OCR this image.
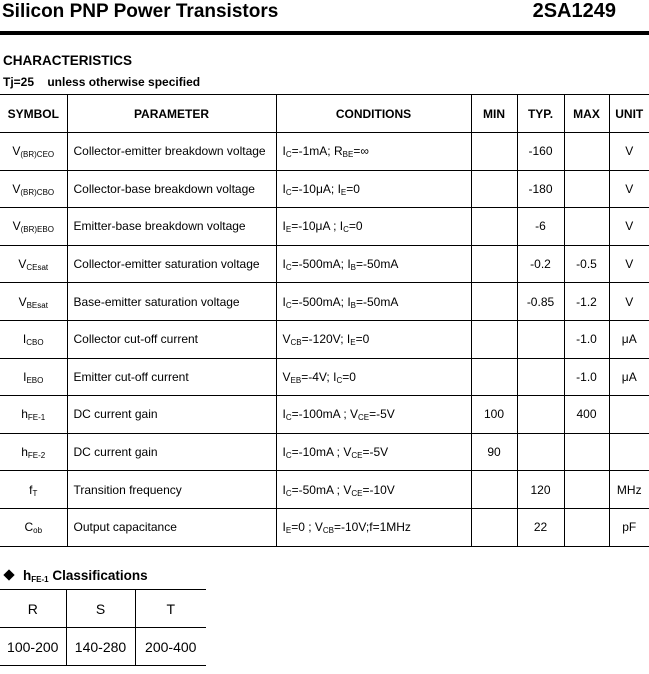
Silicon PNP Power Transistors	2SA1249
CHARACTERISTICS
Tj=25    unless otherwise specified
SYMBOL	PARAMETER	CONDITIONS	MIN	TYP.	MAX	UNIT
$V_{(BR)CEO}$	Collector-emitter breakdown voltage	$I_C=-1mA$; $R_{BE}=\infty$		-160		V
$V_{(BR)CBO}$	Collector-base breakdown voltage	$I_C=-10\mu A$; $I_E=0$		-180		V
$V_{(BR)EBO}$	Emitter-base breakdown voltage	$I_E=-10\mu A$ ; $I_C=0$		-6		V
$V_{CEsat}$	Collector-emitter saturation voltage	$I_C=-500mA$; $I_B=-50mA$		-0.2	-0.5	V
$V_{BEsat}$	Base-emitter saturation voltage	$I_C=-500mA$; $I_B=-50mA$		-0.85	-1.2	V
$I_{CBO}$	Collector cut-off current	$V_{CB}=-120V$; $I_E=0$			-1.0	μA
$I_{EBO}$	Emitter cut-off current	$V_{EB}=-4V$; $I_C=0$			-1.0	μA
$h_{FE-1}$	DC current gain	$I_C=-100mA$ ; $V_{CE}=-5V$	100		400	
$h_{FE-2}$	DC current gain	$I_C=-10mA$ ; $V_{CE}=-5V$	90			
$f_T$	Transition frequency	$I_C=-50mA$ ; $V_{CE}=-10V$		120		MHz
$C_{ob}$	Output capacitance	$I_E=0$ ; $V_{CB}=-10V;f=1MHz$		22		pF
$h_{FE-1}$ Classifications
R	S	T
100-200	140-280	200-400
